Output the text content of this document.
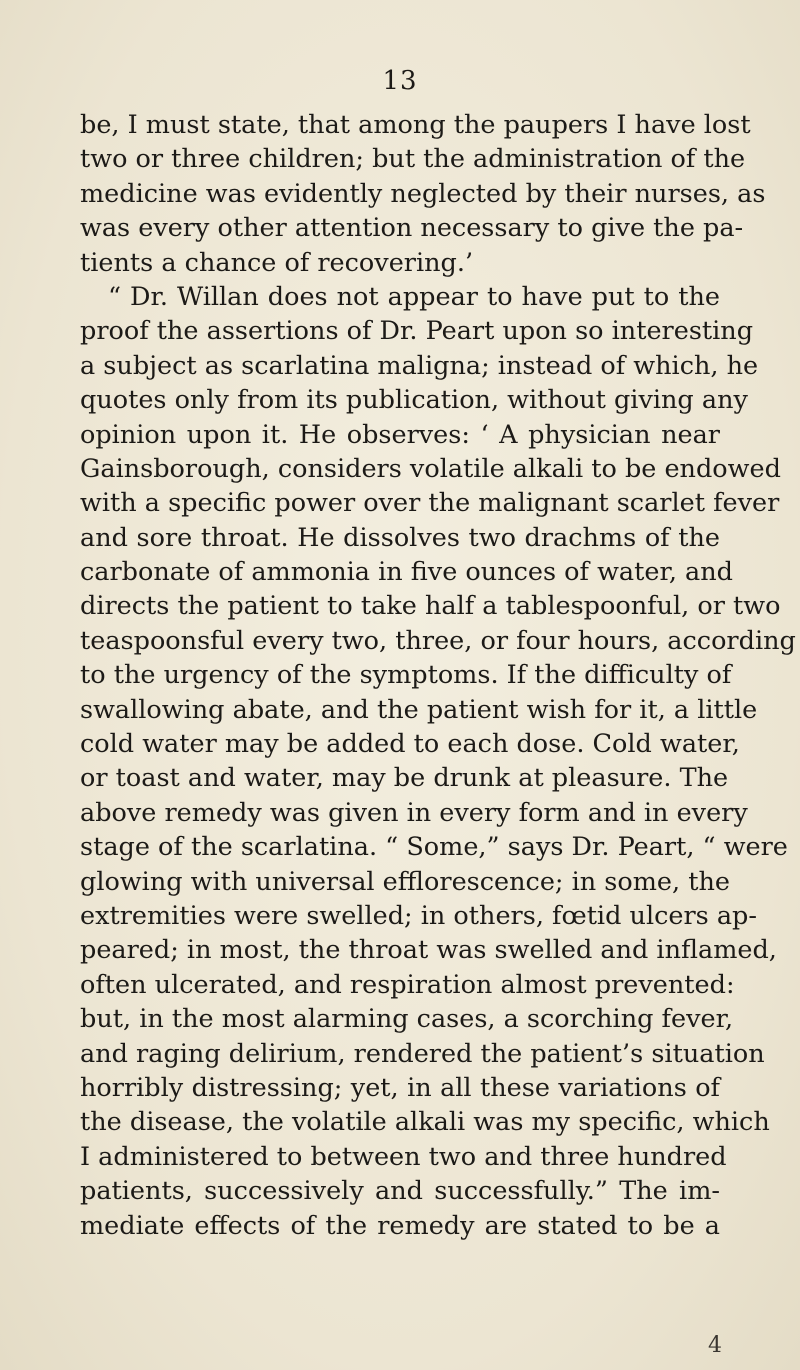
13
be, I must state, that among the paupers I have lost
two or three children; but the administration of the
medicine was evidently neglected by their nurses, as
was every other attention necessary to give the pa-
tients a chance of recovering.’
“ Dr. Willan does not appear to have put to the
proof the assertions of Dr. Peart upon so interesting
a subject as scarlatina maligna; instead of which, he
quotes only from its publication, without giving any
opinion upon it. He observes: ‘ A physician near
Gainsborough, considers volatile alkali to be endowed
with a specific power over the malignant scarlet fever
and sore throat. He dissolves two drachms of the
carbonate of ammonia in five ounces of water, and
directs the patient to take half a tablespoonful, or two
teaspoonsful every two, three, or four hours, according
to the urgency of the symptoms. If the difficulty of
swallowing abate, and the patient wish for it, a little
cold water may be added to each dose. Cold water,
or toast and water, may be drunk at pleasure. The
above remedy was given in every form and in every
stage of the scarlatina. “ Some,” says Dr. Peart, “ were
glowing with universal efflorescence; in some, the
extremities were swelled; in others, fœtid ulcers ap-
peared; in most, the throat was swelled and inflamed,
often ulcerated, and respiration almost prevented:
but, in the most alarming cases, a scorching fever,
and raging delirium, rendered the patient’s situation
horribly distressing; yet, in all these variations of
the disease, the volatile alkali was my specific, which
I administered to between two and three hundred
patients, successively and successfully.” The im-
mediate effects of the remedy are stated to be a
4
